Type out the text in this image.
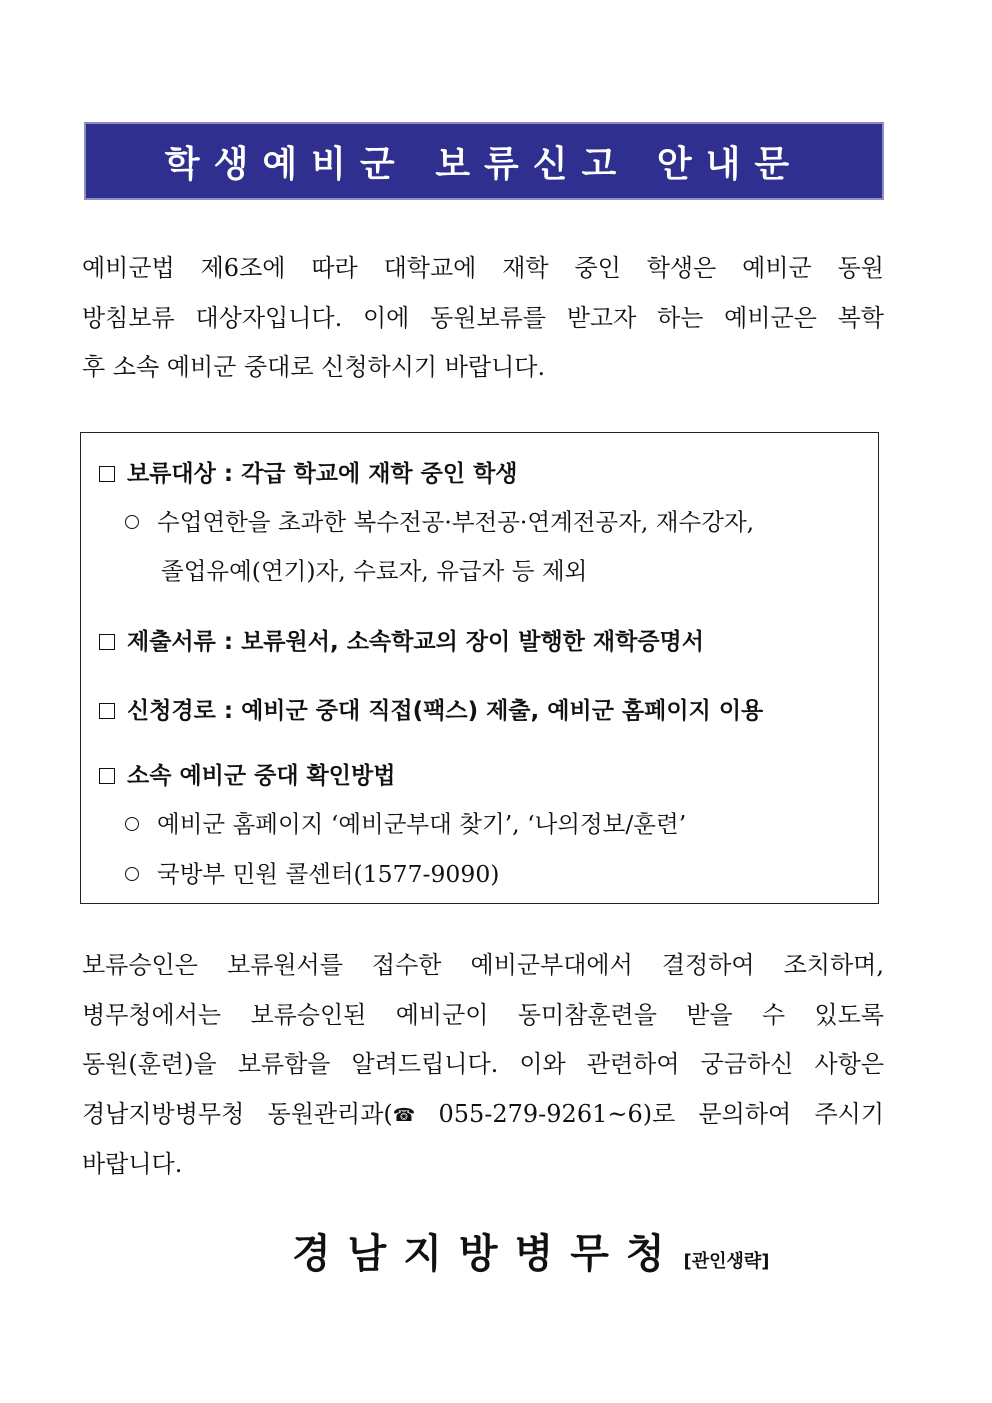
학생예비군 보류신고 안내문
예비군법 제6조에 따라 대학교에 재학 중인 학생은 예비군 동원
방침보류 대상자입니다. 이에 동원보류를 받고자 하는 예비군은 복학
후 소속 예비군 중대로 신청하시기 바랍니다.
보류대상 : 각급 학교에 재학 중인 학생
수업연한을 초과한 복수전공·부전공·연계전공자, 재수강자,
졸업유예(연기)자, 수료자, 유급자 등 제외
제출서류 : 보류원서, 소속학교의 장이 발행한 재학증명서
신청경로 : 예비군 중대 직접(팩스) 제출, 예비군 홈페이지 이용
소속 예비군 중대 확인방법
예비군 홈페이지 ‘예비군부대 찾기’, ‘나의정보/훈련’
국방부 민원 콜센터(1577-9090)
보류승인은 보류원서를 접수한 예비군부대에서 결정하여 조치하며,
병무청에서는 보류승인된 예비군이 동미참훈련을 받을 수 있도록
동원(훈련)을 보류함을 알려드립니다. 이와 관련하여 궁금하신 사항은
경남지방병무청 동원관리과(☎ 055-279-9261~6)로 문의하여 주시기
바랍니다.
경남지방병무청 [관인생략]
